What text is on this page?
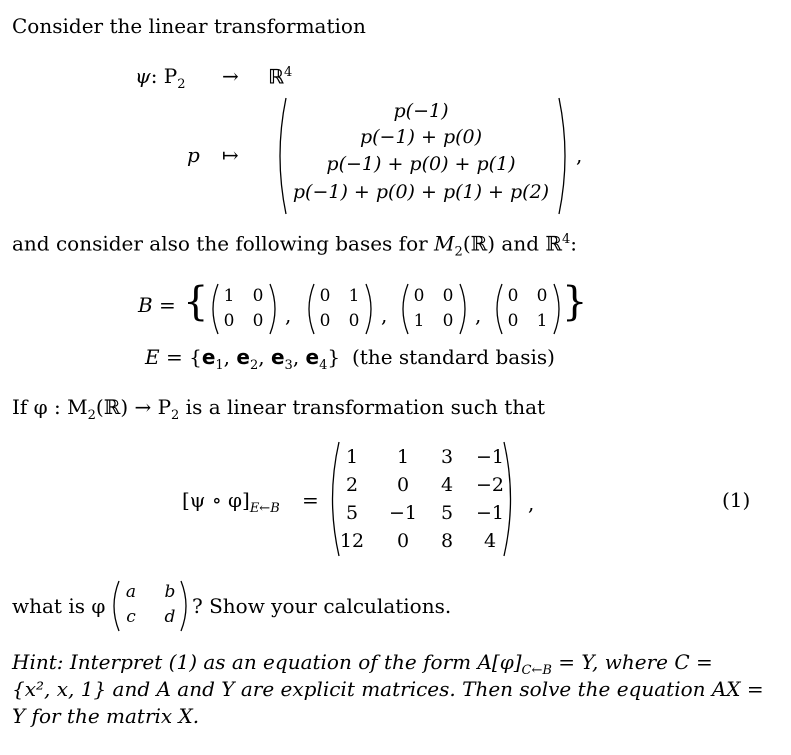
Consider the linear transformation
ψ: $P_2$ → ℝ$^4$
p ↦
p(−1)
p(−1) + p(0)
p(−1) + p(0) + p(1)
p(−1) + p(0) + p(1) + p(2)
,
and consider also the following bases for $M_2(ℝ)$ and ℝ$^4$:
B = {	}
1 0
0 0 ,
0 1
0 0 ,
0 0
1 0 ,
0 0
0 1
$E = \{e_1$, $e_2$, $e_3$, $e_4$} (the standard basis)
If φ : $M_2(ℝ) \to P_2$ is a linear transformation such that
[ψ ∘ $\varphi]_{E\leftarrow B}$ =
1	1	3	−1
2	0	4	−2
5	−1	5	−1
12	0	8	4
,	(1)
what is φ
a b
c d ? Show your calculations.
Hint: Interpret (1) as an equation of the form $A[\varphi]_{C\leftarrow B} = Y$, where C =
{x², x, 1} and A and Y are explicit matrices. Then solve the equation AX =
Y for the matrix X.
